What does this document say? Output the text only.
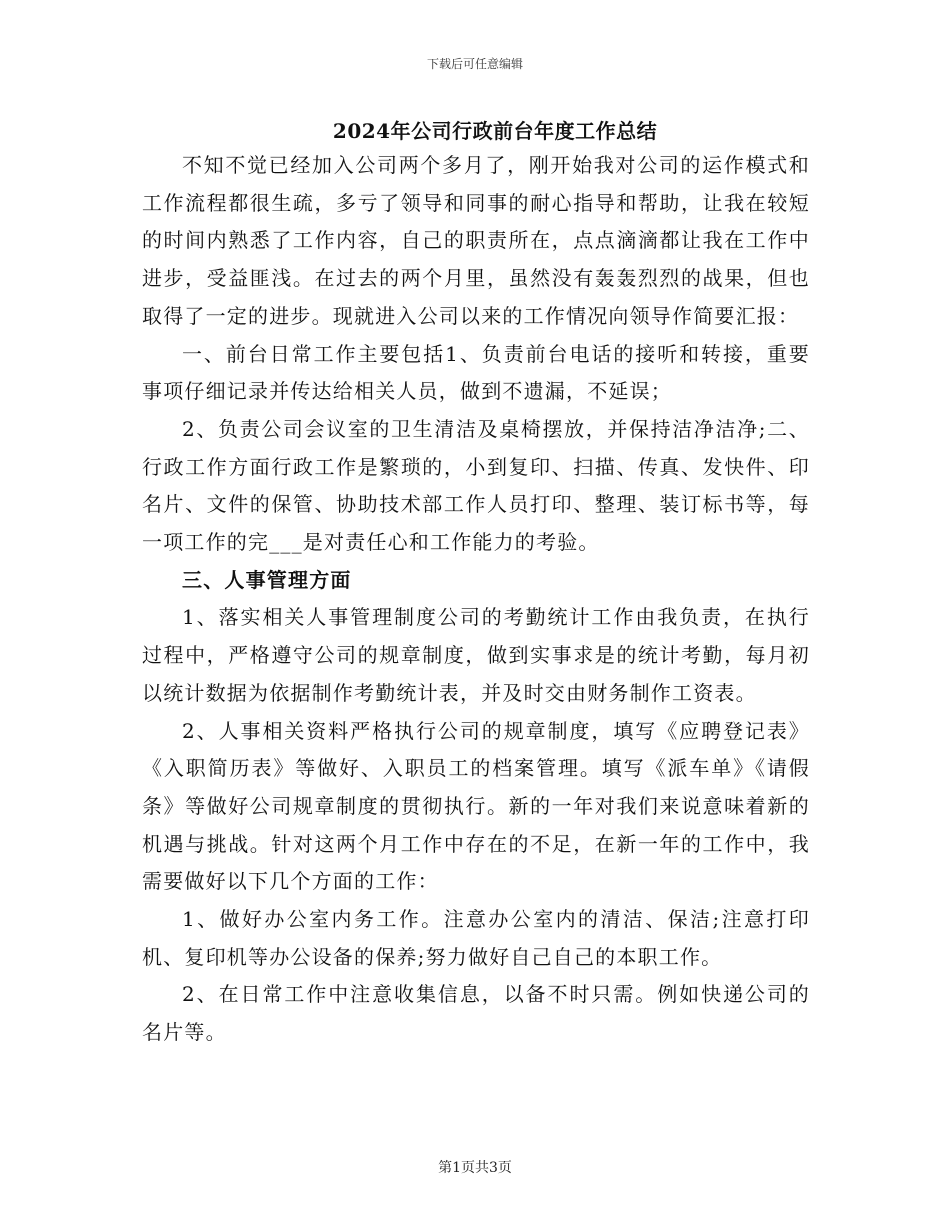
下载后可任意编辑
2024年公司行政前台年度工作总结

不知不觉已经加入公司两个多月了，刚开始我对公司的运作模式和工作流程都很生疏，多亏了领导和同事的耐心指导和帮助，让我在较短的时间内熟悉了工作内容，自己的职责所在，点点滴滴都让我在工作中进步，受益匪浅。在过去的两个月里，虽然没有轰轰烈烈的战果，但也取得了一定的进步。现就进入公司以来的工作情况向领导作简要汇报：

一、前台日常工作主要包括1、负责前台电话的接听和转接，重要事项仔细记录并传达给相关人员，做到不遗漏，不延误；

2、负责公司会议室的卫生清洁及桌椅摆放，并保持洁净洁净;二、行政工作方面行政工作是繁琐的，小到复印、扫描、传真、发快件、印名片、文件的保管、协助技术部工作人员打印、整理、装订标书等，每一项工作的完___是对责任心和工作能力的考验。

三、人事管理方面

1、落实相关人事管理制度公司的考勤统计工作由我负责，在执行过程中，严格遵守公司的规章制度，做到实事求是的统计考勤，每月初以统计数据为依据制作考勤统计表，并及时交由财务制作工资表。

2、人事相关资料严格执行公司的规章制度，填写《应聘登记表》《入职简历表》等做好、入职员工的档案管理。填写《派车单》《请假条》等做好公司规章制度的贯彻执行。新的一年对我们来说意味着新的机遇与挑战。针对这两个月工作中存在的不足，在新一年的工作中，我需要做好以下几个方面的工作：

1、做好办公室内务工作。注意办公室内的清洁、保洁;注意打印机、复印机等办公设备的保养;努力做好自己自己的本职工作。

2、在日常工作中注意收集信息，以备不时只需。例如快递公司的名片等。

第1页共3页
